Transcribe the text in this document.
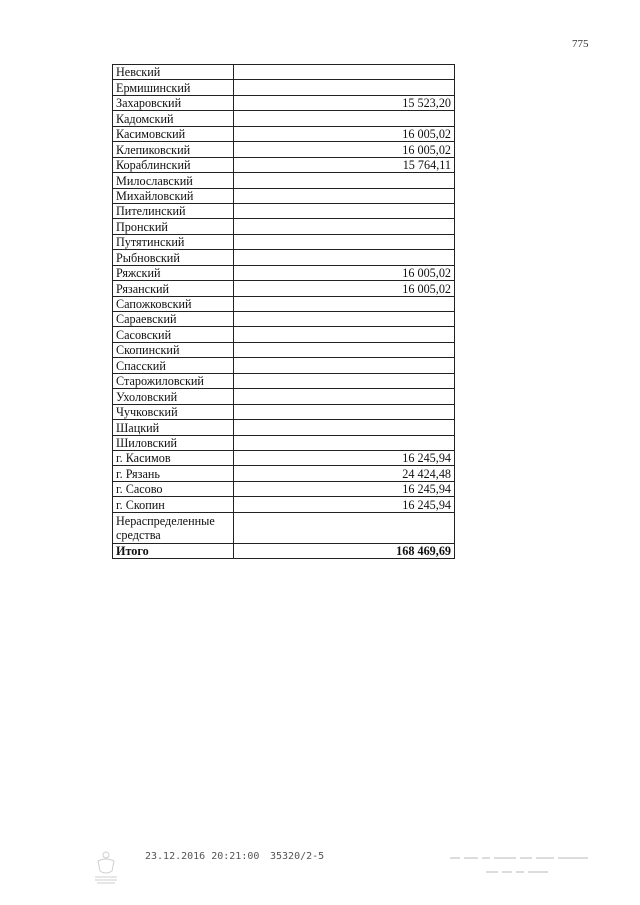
775
Невский	
Ермишинский	
Захаровский	15 523,20
Кадомский	
Касимовский	16 005,02
Клепиковский	16 005,02
Кораблинский	15 764,11
Милославский	
Михайловский	
Пителинский	
Пронский	
Путятинский	
Рыбновский	
Ряжский	16 005,02
Рязанский	16 005,02
Сапожковский	
Сараевский	
Сасовский	
Скопинский	
Спасский	
Старожиловский	
Ухоловский	
Чучковский	
Шацкий	
Шиловский	
г. Касимов	16 245,94
г. Рязань	24 424,48
г. Сасово	16 245,94
г. Скопин	16 245,94
Нераспределенные средства	
Итого	168 469,69
23.12.2016 20:21:00 35320/2-5
